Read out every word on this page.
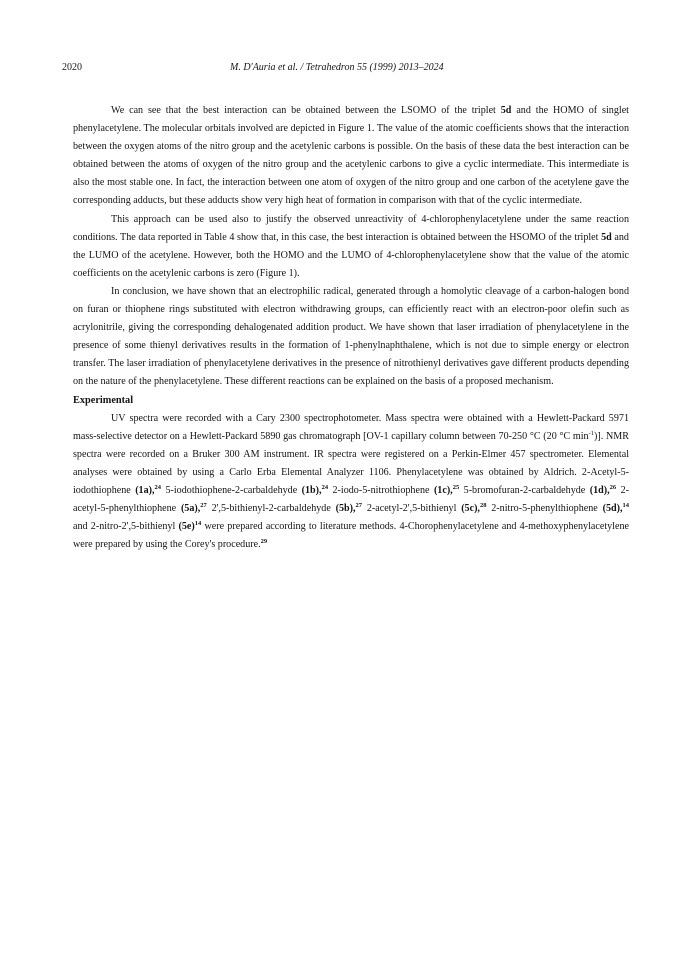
2020	M. D'Auria et al. / Tetrahedron 55 (1999) 2013–2024

We can see that the best interaction can be obtained between the LSOMO of the triplet 5d and the HOMO of singlet phenylacetylene. The molecular orbitals involved are depicted in Figure 1. The value of the atomic coefficients shows that the interaction between the oxygen atoms of the nitro group and the acetylenic carbons is possible. On the basis of these data the best interaction can be obtained between the atoms of oxygen of the nitro group and the acetylenic carbons to give a cyclic intermediate. This intermediate is also the most stable one. In fact, the interaction between one atom of oxygen of the nitro group and one carbon of the acetylene gave the corresponding adducts, but these adducts show very high heat of formation in comparison with that of the cyclic intermediate.

This approach can be used also to justify the observed unreactivity of 4-chlorophenylacetylene under the same reaction conditions. The data reported in Table 4 show that, in this case, the best interaction is obtained between the HSOMO of the triplet 5d and the LUMO of the acetylene. However, both the HOMO and the LUMO of 4-chlorophenylacetylene show that the value of the atomic coefficients on the acetylenic carbons is zero (Figure 1).

In conclusion, we have shown that an electrophilic radical, generated through a homolytic cleavage of a carbon-halogen bond on furan or thiophene rings substituted with electron withdrawing groups, can efficiently react with an electron-poor olefin such as acrylonitrile, giving the corresponding dehalogenated addition product. We have shown that laser irradiation of phenylacetylene in the presence of some thienyl derivatives results in the formation of 1-phenylnaphthalene, which is not due to simple energy or electron transfer. The laser irradiation of phenylacetylene derivatives in the presence of nitrothienyl derivatives gave different products depending on the nature of the phenylacetylene. These different reactions can be explained on the basis of a proposed mechanism.

Experimental

UV spectra were recorded with a Cary 2300 spectrophotometer. Mass spectra were obtained with a Hewlett-Packard 5971 mass-selective detector on a Hewlett-Packard 5890 gas chromatograph [OV-1 capillary column between 70-250 °C (20 °C $\min^{-1}$)]. NMR spectra were recorded on a Bruker 300 AM instrument. IR spectra were registered on a Perkin-Elmer 457 spectrometer. Elemental analyses were obtained by using a Carlo Erba Elemental Analyzer 1106. Phenylacetylene was obtained by Aldrich. 2-Acetyl-5-iodothiophene (1a),$^{24}$ 5-iodothiophene-2-carbaldehyde (1b),$^{24}$ 2-iodo-5-nitrothiophene (1c),$^{25}$ 5-bromofuran-2-carbaldehyde (1d),$^{26}$ 2-acetyl-5-phenylthiophene (5a),$^{27}$ 2',5-bithienyl-2-carbaldehyde (5b),$^{27}$ 2-acetyl-2',5-bithienyl (5c),$^{28}$ 2-nitro-5-phenylthiophene (5d),$^{14}$ and 2-nitro-2',5-bithienyl $(5e)^{14}$ were prepared according to literature methods. 4-Chorophenylacetylene and 4-methoxyphenylacetylene were prepared by using the Corey's procedure.$^{29}$
